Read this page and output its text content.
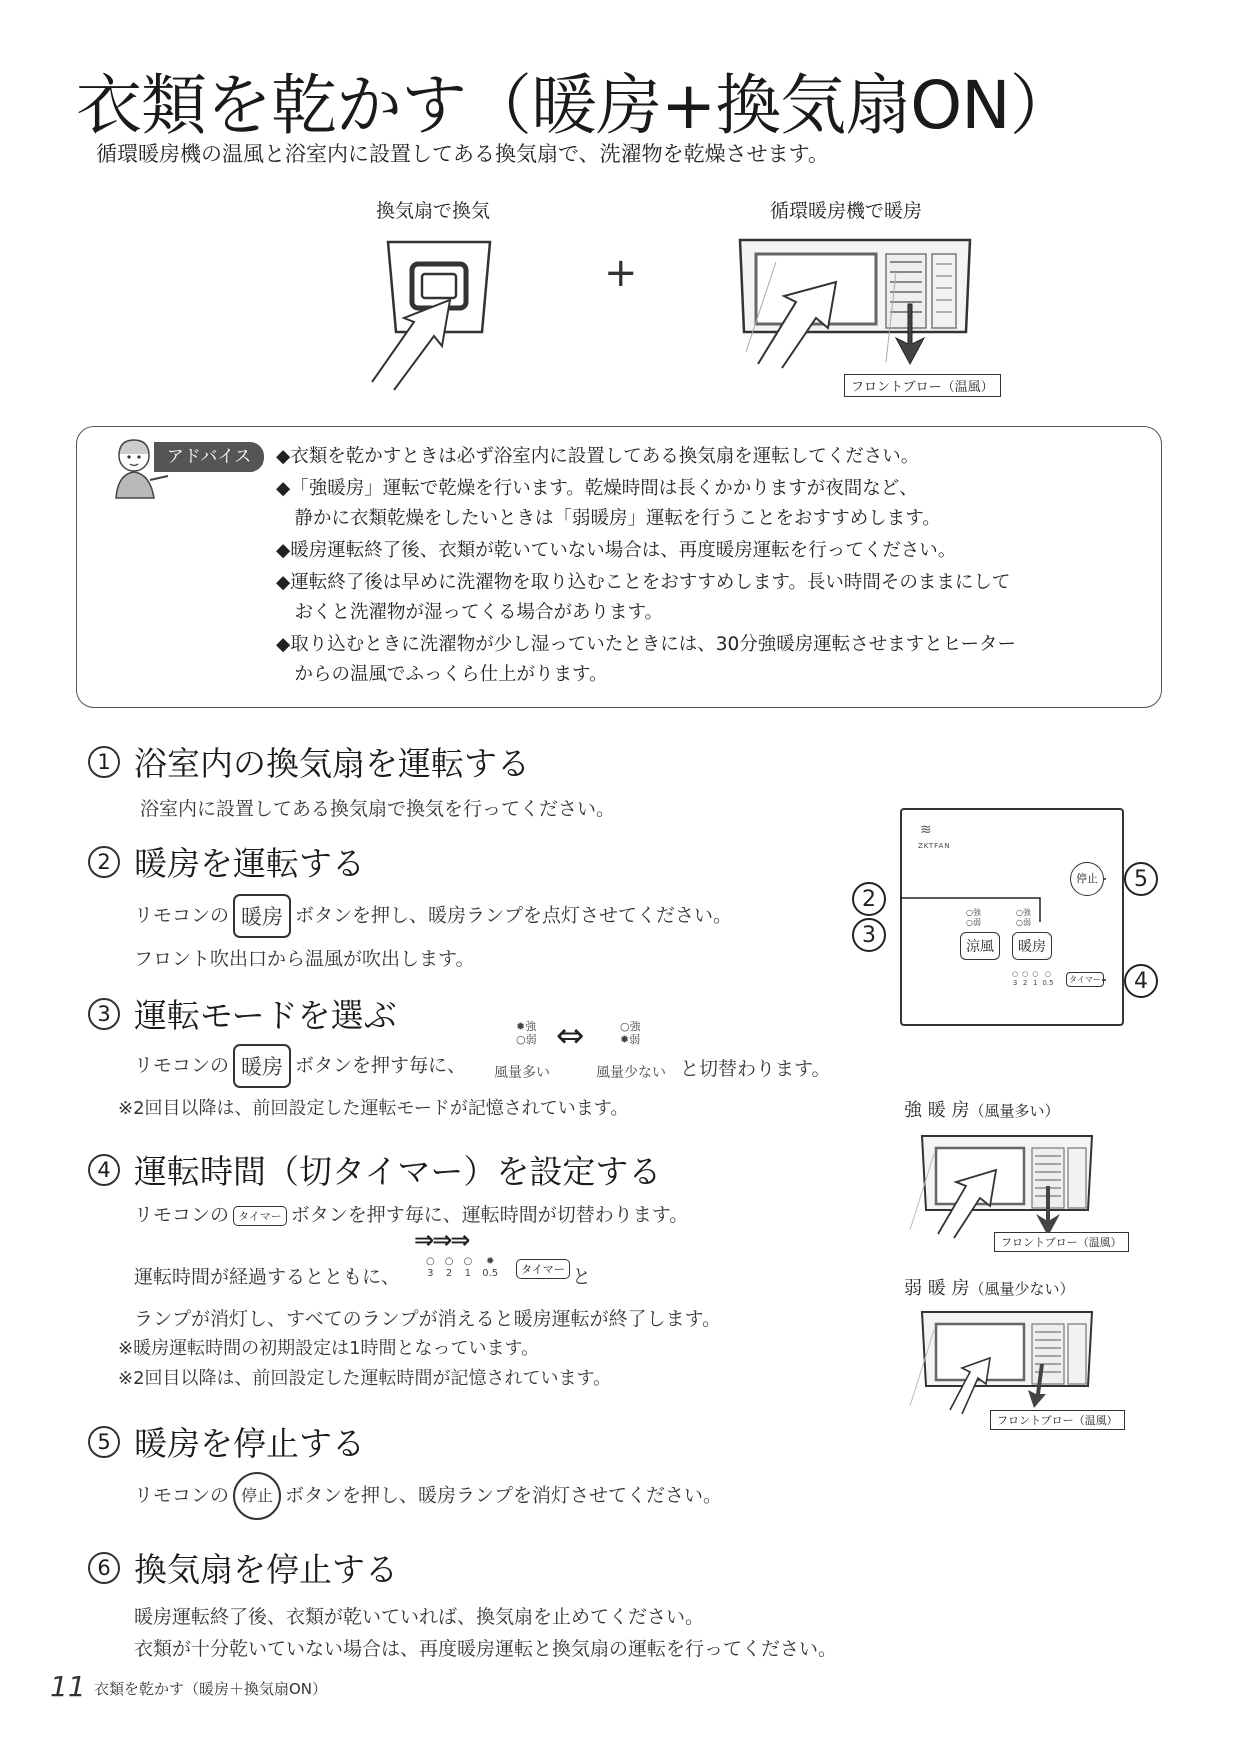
衣類を乾かす（暖房+換気扇ON）
循環暖房機の温風と浴室内に設置してある換気扇で、洗濯物を乾燥させます。
換気扇で換気	循環暖房機で暖房
+
フロントブロー（温風）
アドバイス	◆衣類を乾かすときは必ず浴室内に設置してある換気扇を運転してください。
◆「強暖房」運転で乾燥を行います。乾燥時間は長くかかりますが夜間など、
　静かに衣類乾燥をしたいときは「弱暖房」運転を行うことをおすすめします。
◆暖房運転終了後、衣類が乾いていない場合は、再度暖房運転を行ってください。
◆運転終了後は早めに洗濯物を取り込むことをおすすめします。長い時間そのままにして
　おくと洗濯物が湿ってくる場合があります。
◆取り込むときに洗濯物が少し湿っていたときには、30分強暖房運転させますとヒーター
　からの温風でふっくら仕上がります。
1 浴室内の換気扇を運転する
浴室内に設置してある換気扇で換気を行ってください。
2 暖房を運転する
リモコンの 暖房 ボタンを押し、暖房ランプを点灯させてください。
フロント吹出口から温風が吹出します。
3 運転モードを選ぶ
リモコンの 暖房 ボタンを押す毎に、
✹強
○弱
風量多い
⇔	○強
✹弱
風量少ない と切替わります。
※2回目以降は、前回設定した運転モードが記憶されています。
4 運転時間（切タイマー）を設定する
リモコンの タイマー ボタンを押す毎に、運転時間が切替わります。
⇒⇒⇒
運転時間が経過するとともに、
○
3
○
2
○
1
✹
0.5	タイマー と
ランプが消灯し、すべてのランプが消えると暖房運転が終了します。
※暖房運転時間の初期設定は1時間となっています。
※2回目以降は、前回設定した運転時間が記憶されています。
5 暖房を停止する
リモコンの 停止 ボタンを押し、暖房ランプを消灯させてください。
6 換気扇を停止する
暖房運転終了後、衣類が乾いていれば、換気扇を止めてください。
衣類が十分乾いていない場合は、再度暖房運転と換気扇の運転を行ってください。
≋
ZKTFAN
停止
○強
○弱
○強
○弱
涼風	暖房
○
3
○
2
○
1
○
0.5	タイマー
5
2
3
4
強 暖 房（風量多い）
フロントブロー（温風）
弱 暖 房（風量少ない）
フロントブロー（温風）
11 衣類を乾かす（暖房＋換気扇ON）
